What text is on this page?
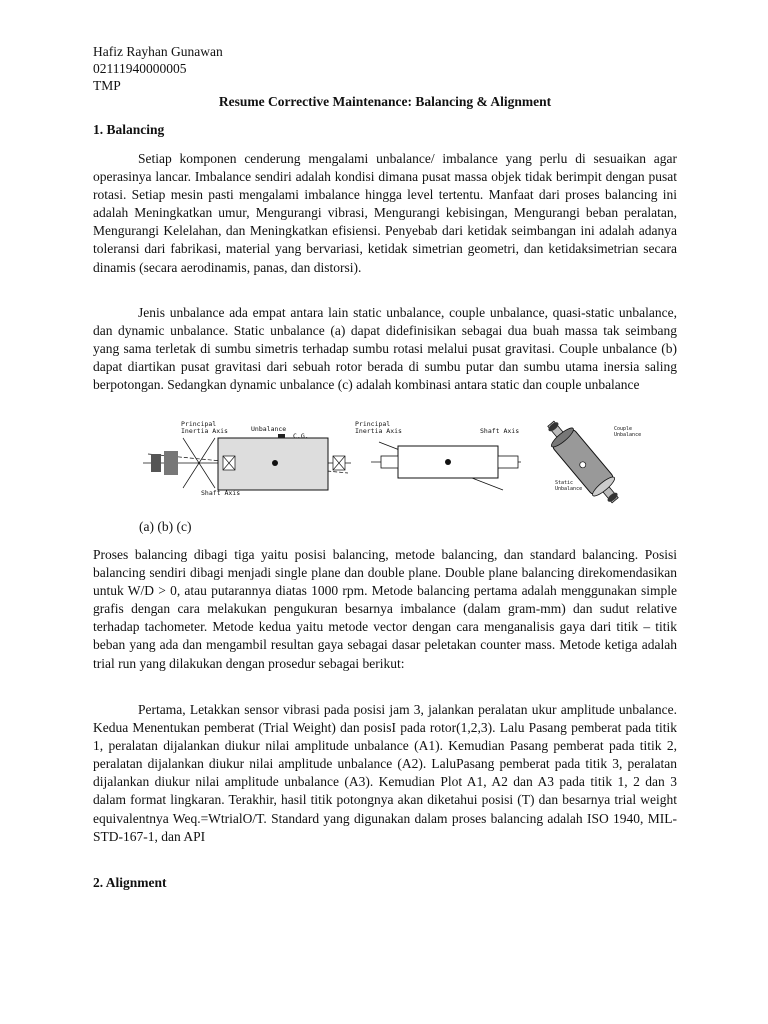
Hafiz Rayhan Gunawan
02111940000005
TMP
Resume Corrective Maintenance: Balancing & Alignment
1. Balancing

Setiap komponen cenderung mengalami unbalance/ imbalance yang perlu di sesuaikan agar operasinya lancar. Imbalance sendiri adalah kondisi dimana pusat massa objek tidak berimpit dengan pusat rotasi. Setiap mesin pasti mengalami imbalance hingga level tertentu. Manfaat dari proses balancing ini adalah Meningkatkan umur, Mengurangi vibrasi, Mengurangi kebisingan, Mengurangi beban peralatan, Mengurangi Kelelahan, dan Meningkatkan efisiensi. Penyebab dari ketidak seimbangan ini adalah adanya toleransi dari fabrikasi, material yang bervariasi, ketidak simetrian geometri, dan ketidaksimetrian secara dinamis (secara aerodinamis, panas, dan distorsi).

Jenis unbalance ada empat antara lain static unbalance, couple unbalance, quasi-static unbalance, dan dynamic unbalance. Static unbalance (a) dapat didefinisikan sebagai dua buah massa tak seimbang yang sama terletak di sumbu simetris terhadap sumbu rotasi melalui pusat gravitasi. Couple unbalance (b) dapat diartikan pusat gravitasi dari sebuah rotor berada di sumbu putar dan sumbu utama inersia saling berpotongan. Sedangkan dynamic unbalance (c) adalah kombinasi antara static dan couple unbalance

Principal
Inertia Axis	Unbalance
C.G.
Shaft Axis
Principal
Inertia Axis	Shaft Axis	Couple
Unbalance
Static
Unbalance
(a) (b) (c)

Proses balancing dibagi tiga yaitu posisi balancing, metode balancing, dan standard balancing. Posisi balancing sendiri dibagi menjadi single plane dan double plane. Double plane balancing direkomendasikan untuk W/D > 0, atau putarannya diatas 1000 rpm. Metode balancing pertama adalah menggunakan simple grafis dengan cara melakukan pengukuran besarnya imbalance (dalam gram-mm) dan sudut relative terhadap tachometer. Metode kedua yaitu metode vector dengan cara menganalisis gaya dari titik – titik beban yang ada dan mengambil resultan gaya sebagai dasar peletakan counter mass. Metode ketiga adalah trial run yang dilakukan dengan prosedur sebagai berikut:

Pertama, Letakkan sensor vibrasi pada posisi jam 3, jalankan peralatan ukur amplitude unbalance. Kedua Menentukan pemberat (Trial Weight) dan posisI pada rotor(1,2,3). Lalu Pasang pemberat pada titik 1, peralatan dijalankan diukur nilai amplitude unbalance (A1). Kemudian Pasang pemberat pada titik 2, peralatan dijalankan diukur nilai amplitude unbalance (A2). LaluPasang pemberat pada titik 3, peralatan dijalankan diukur nilai amplitude unbalance (A3). Kemudian Plot A1, A2 dan A3 pada titik 1, 2 dan 3 dalam format lingkaran. Terakhir, hasil titik potongnya akan diketahui posisi (T) dan besarnya trial weight equivalentnya Weq.=WtrialO/T. Standard yang digunakan dalam proses balancing adalah ISO 1940, MIL-STD-167-1, dan API

2. Alignment
